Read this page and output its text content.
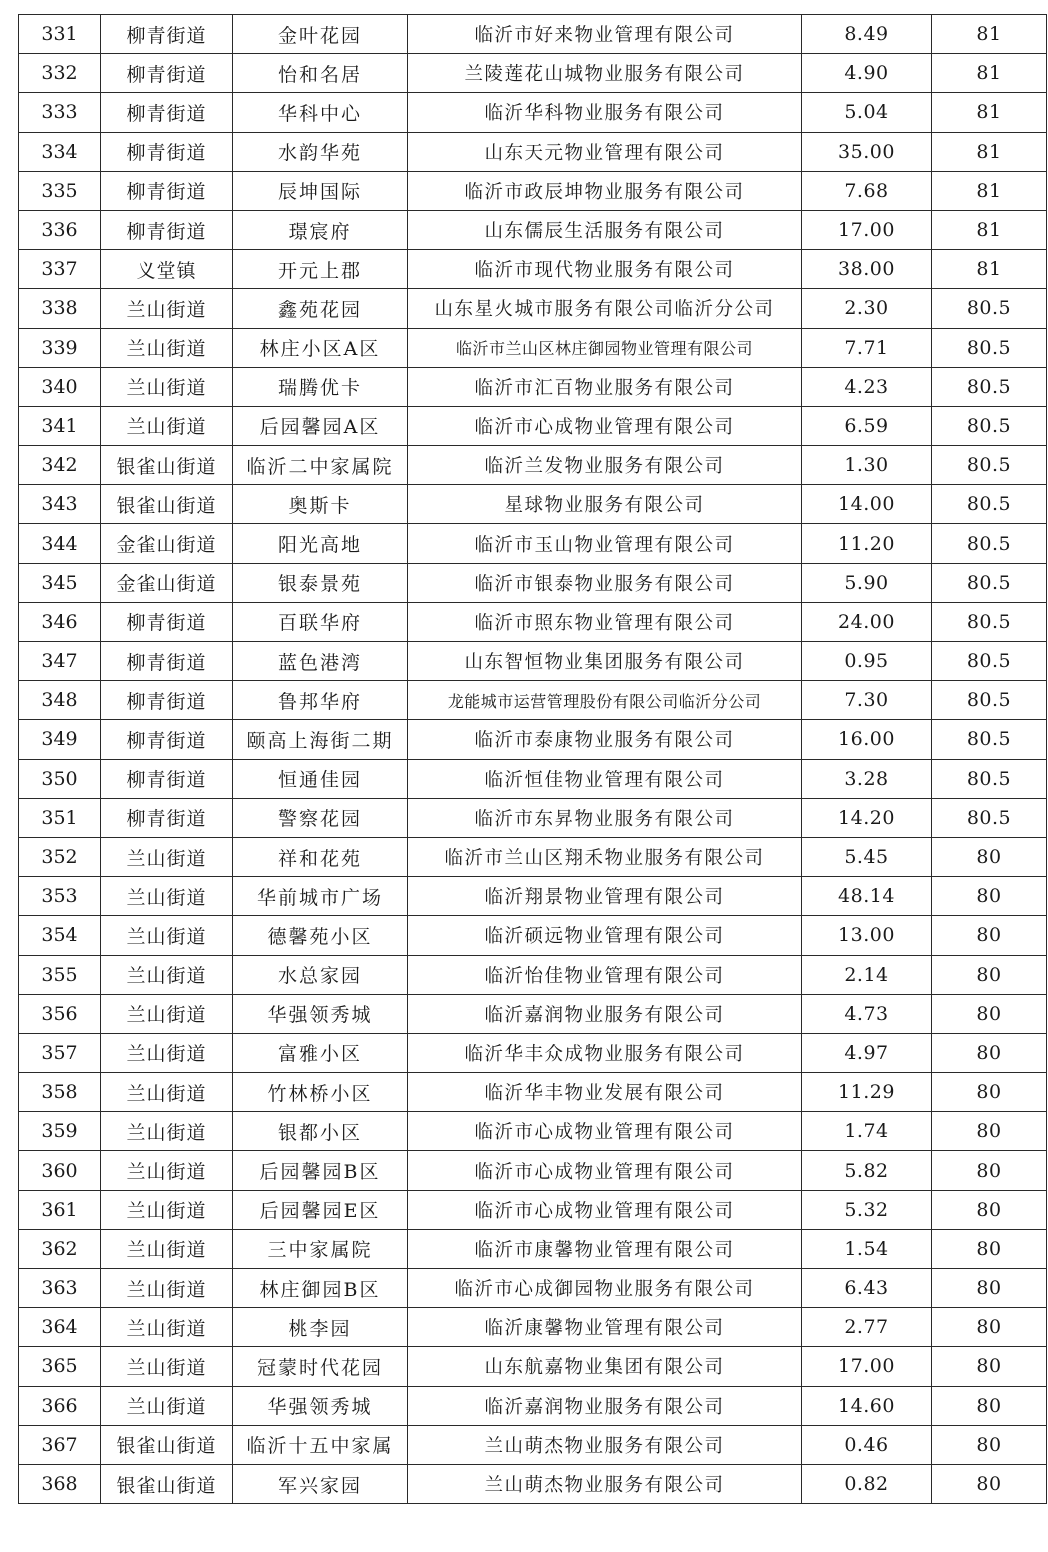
331	柳青街道	金叶花园	临沂市好来物业管理有限公司	8.49	81
332	柳青街道	怡和名居	兰陵莲花山城物业服务有限公司	4.90	81
333	柳青街道	华科中心	临沂华科物业服务有限公司	5.04	81
334	柳青街道	水韵华苑	山东天元物业管理有限公司	35.00	81
335	柳青街道	辰坤国际	临沂市政辰坤物业服务有限公司	7.68	81
336	柳青街道	璟宸府	山东儒辰生活服务有限公司	17.00	81
337	义堂镇	开元上郡	临沂市现代物业服务有限公司	38.00	81
338	兰山街道	鑫苑花园	山东星火城市服务有限公司临沂分公司	2.30	80.5
339	兰山街道	林庄小区A区	临沂市兰山区林庄御园物业管理有限公司	7.71	80.5
340	兰山街道	瑞腾优卡	临沂市汇百物业服务有限公司	4.23	80.5
341	兰山街道	后园馨园A区	临沂市心成物业管理有限公司	6.59	80.5
342	银雀山街道	临沂二中家属院	临沂兰发物业服务有限公司	1.30	80.5
343	银雀山街道	奥斯卡	星球物业服务有限公司	14.00	80.5
344	金雀山街道	阳光高地	临沂市玉山物业管理有限公司	11.20	80.5
345	金雀山街道	银泰景苑	临沂市银泰物业服务有限公司	5.90	80.5
346	柳青街道	百联华府	临沂市照东物业管理有限公司	24.00	80.5
347	柳青街道	蓝色港湾	山东智恒物业集团服务有限公司	0.95	80.5
348	柳青街道	鲁邦华府	龙能城市运营管理股份有限公司临沂分公司	7.30	80.5
349	柳青街道	颐高上海街二期	临沂市泰康物业服务有限公司	16.00	80.5
350	柳青街道	恒通佳园	临沂恒佳物业管理有限公司	3.28	80.5
351	柳青街道	警察花园	临沂市东昇物业服务有限公司	14.20	80.5
352	兰山街道	祥和花苑	临沂市兰山区翔禾物业服务有限公司	5.45	80
353	兰山街道	华前城市广场	临沂翔景物业管理有限公司	48.14	80
354	兰山街道	德馨苑小区	临沂硕远物业管理有限公司	13.00	80
355	兰山街道	水总家园	临沂怡佳物业管理有限公司	2.14	80
356	兰山街道	华强领秀城	临沂嘉润物业服务有限公司	4.73	80
357	兰山街道	富雅小区	临沂华丰众成物业服务有限公司	4.97	80
358	兰山街道	竹林桥小区	临沂华丰物业发展有限公司	11.29	80
359	兰山街道	银都小区	临沂市心成物业管理有限公司	1.74	80
360	兰山街道	后园馨园B区	临沂市心成物业管理有限公司	5.82	80
361	兰山街道	后园馨园E区	临沂市心成物业管理有限公司	5.32	80
362	兰山街道	三中家属院	临沂市康馨物业管理有限公司	1.54	80
363	兰山街道	林庄御园B区	临沂市心成御园物业服务有限公司	6.43	80
364	兰山街道	桃李园	临沂康馨物业管理有限公司	2.77	80
365	兰山街道	冠蒙时代花园	山东航嘉物业集团有限公司	17.00	80
366	兰山街道	华强领秀城	临沂嘉润物业服务有限公司	14.60	80
367	银雀山街道	临沂十五中家属	兰山萌杰物业服务有限公司	0.46	80
368	银雀山街道	军兴家园	兰山萌杰物业服务有限公司	0.82	80
